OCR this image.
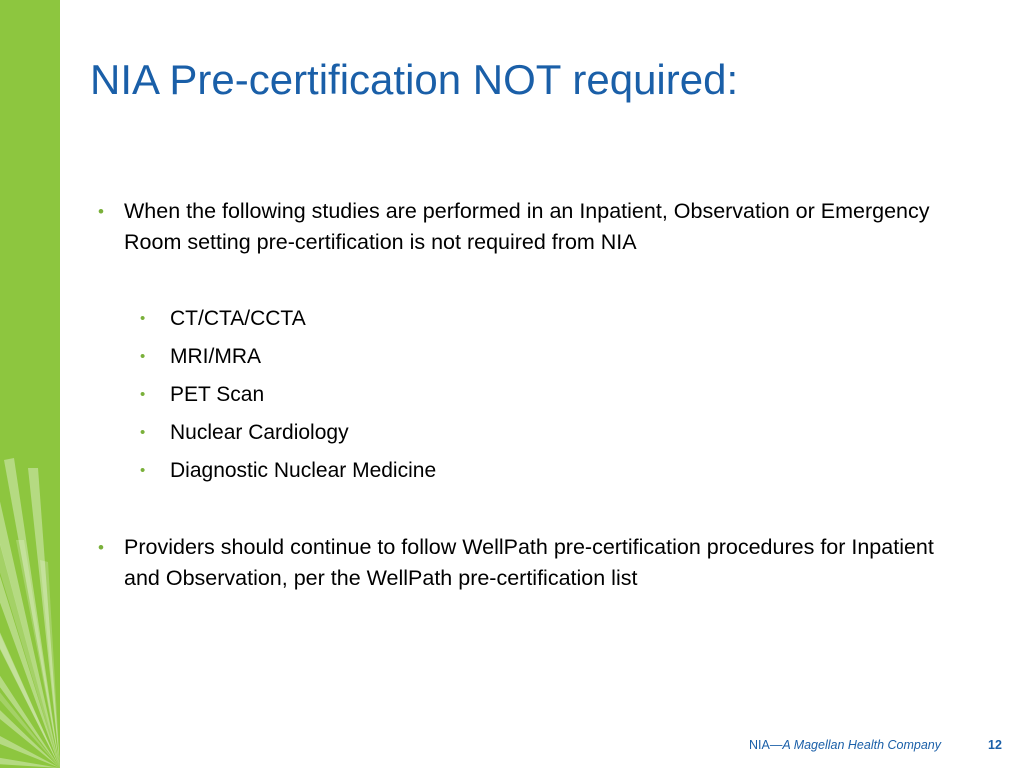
NIA Pre-certification NOT required:
• When the following studies are performed in an Inpatient, Observation or Emergency Room setting pre-certification is not required from NIA
• CT/CTA/CCTA
• MRI/MRA
• PET Scan
• Nuclear Cardiology
• Diagnostic Nuclear Medicine
• Providers should continue to follow WellPath pre-certification procedures for Inpatient and Observation, per the WellPath pre-certification list
NIA—A Magellan Health Company	12
